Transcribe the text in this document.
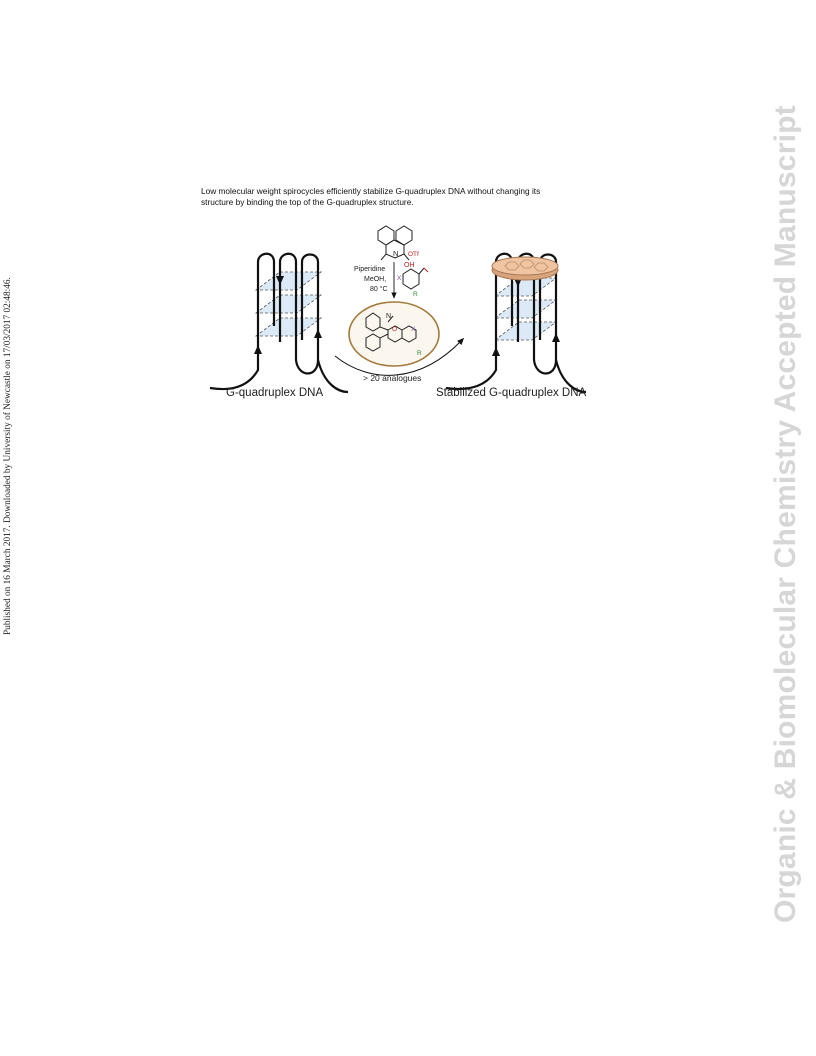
Published on 16 March 2017. Downloaded by University of Newcastle on 17/03/2017 02:48:46.	Organic & Biomolecular Chemistry Accepted Manuscript
Low molecular weight spirocycles efficiently stabilize G-quadruplex DNA without changing its
structure by binding the top of the G-quadruplex structure.
N OTf
Piperidine
MeOH,
80 °C
OH
X
R
N
O X
R
> 20 analogues
G-quadruplex DNA	Stabilized G-quadruplex DNA
